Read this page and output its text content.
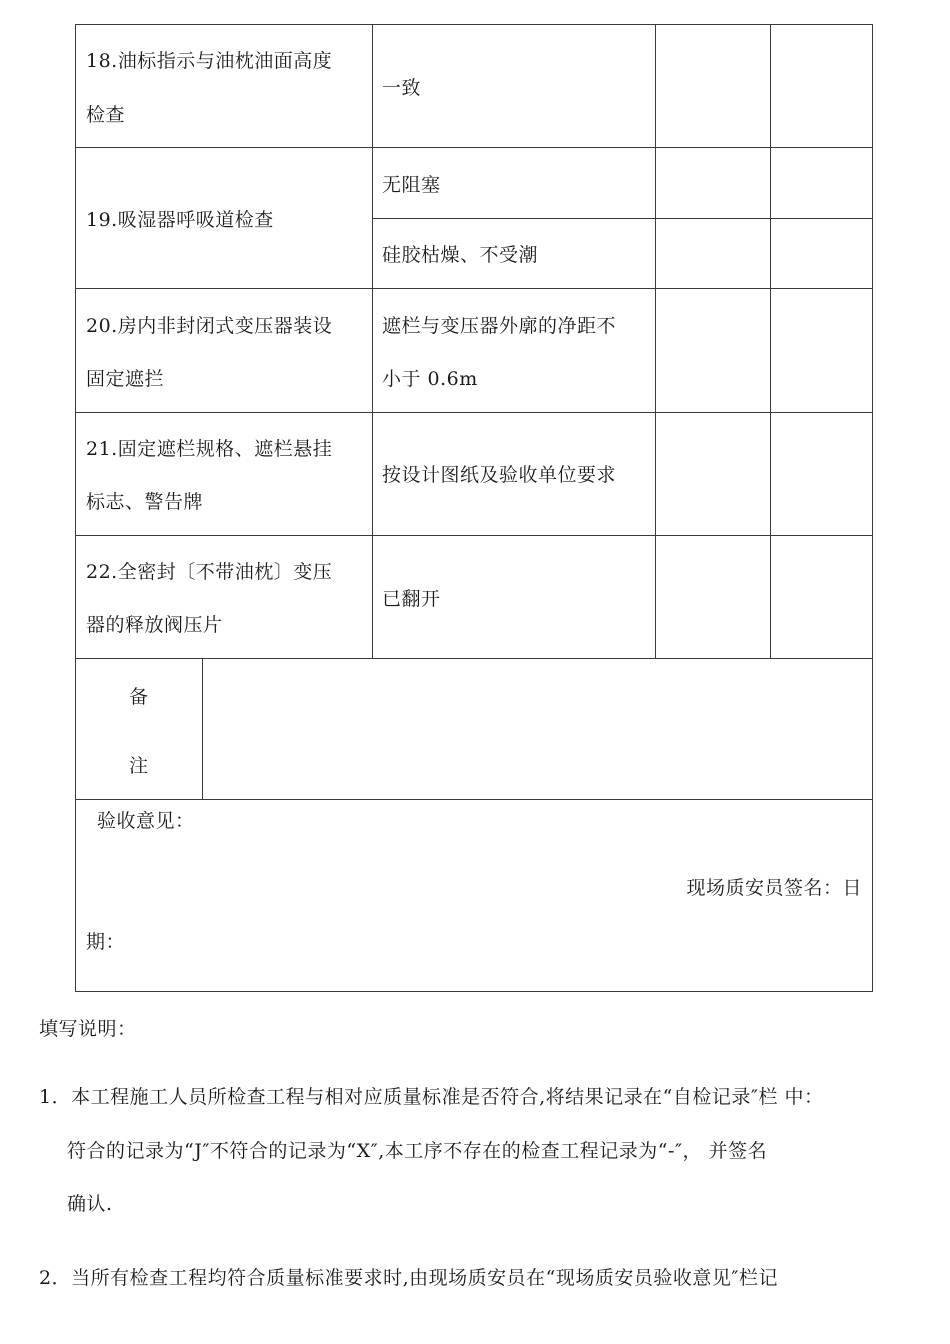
18.油标指示与油枕油面高度
检查
一致
19.吸湿器呼吸道检查
无阻塞
硅胶枯燥、不受潮
20.房内非封闭式变压器装设
固定遮拦
遮栏与变压器外廓的净距不
小于 0.6m
21.固定遮栏规格、遮栏悬挂
标志、警告牌
按设计图纸及验收单位要求
22.全密封〔不带油枕〕变压
器的释放阀压片
已翻开
备
注
验收意见：
现场质安员签名：日
期：
填写说明：
1．本工程施工人员所检查工程与相对应质量标准是否符合,将结果记录在“自检记录″栏 中：
符合的记录为“J″不符合的记录为“X″,本工序不存在的检查工程记录为“-″， 并签名
确认.
2．当所有检查工程均符合质量标准要求时,由现场质安员在“现场质安员验收意见″栏记
